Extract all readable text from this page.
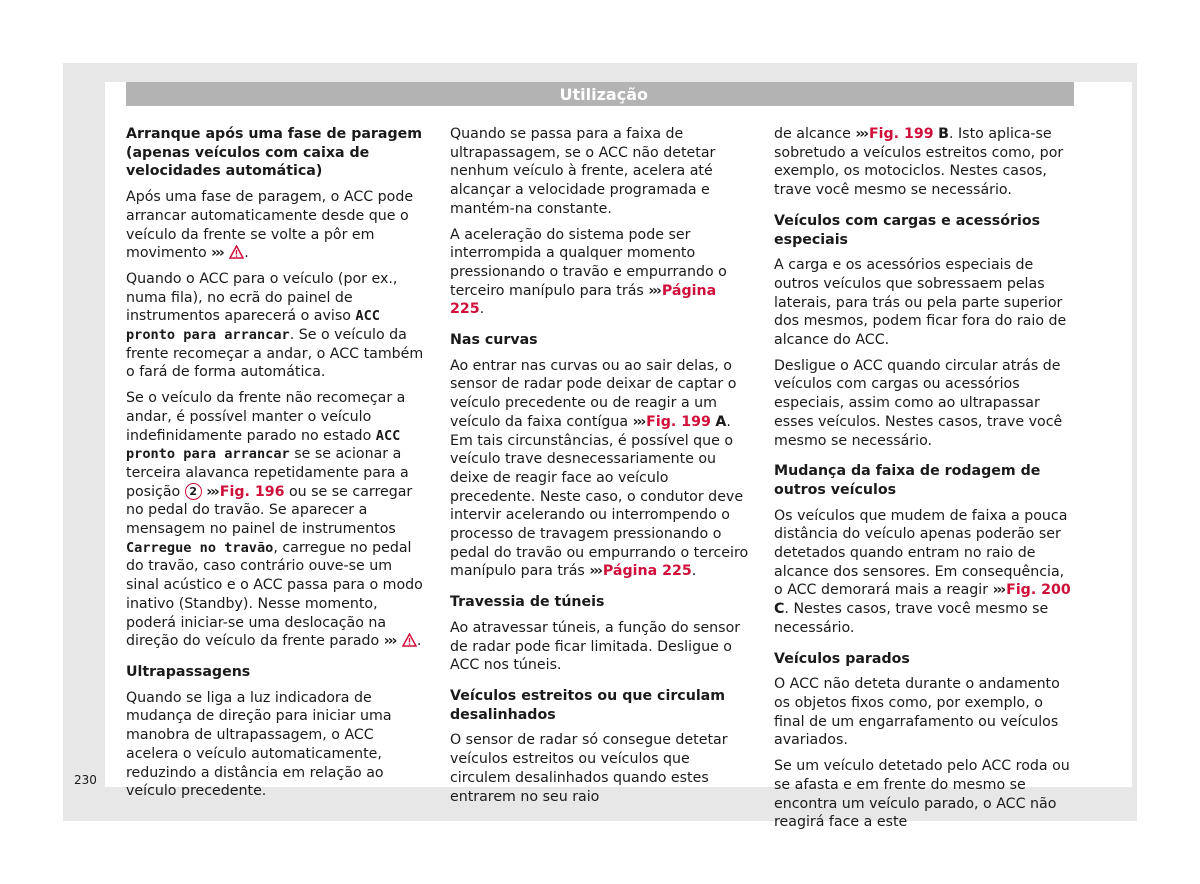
Utilização
Arranque após uma fase de paragem (apenas veículos com caixa de velocidades automática)

Após uma fase de paragem, o ACC pode arrancar automaticamente desde que o veículo da frente se volte a pôr em movimento ››› .

Quando o ACC para o veículo (por ex., numa fila), no ecrã do painel de instrumentos aparecerá o aviso ACC pronto para arrancar. Se o veículo da frente recomeçar a andar, o ACC também o fará de forma automática.

Se o veículo da frente não recomeçar a andar, é possível manter o veículo indefinidamente parado no estado ACC pronto para arrancar se se acionar a terceira alavanca repetidamente para a posição 2 ››› Fig. 196 ou se se carregar no pedal do travão. Se aparecer a mensagem no painel de instrumentos Carregue no travão, carregue no pedal do travão, caso contrário ouve-se um sinal acústico e o ACC passa para o modo inativo (Standby). Nesse momento, poderá iniciar-se uma deslocação na direção do veículo da frente parado ››› .

Ultrapassagens

Quando se liga a luz indicadora de mudança de direção para iniciar uma manobra de ultrapassagem, o ACC acelera o veículo automaticamente, reduzindo a distância em relação ao veículo precedente.

Quando se passa para a faixa de ultrapassagem, se o ACC não detetar nenhum veículo à frente, acelera até alcançar a velocidade programada e mantém-na constante.

A aceleração do sistema pode ser interrompida a qualquer momento pressionando o travão e empurrando o terceiro manípulo para trás ››› Página 225.

Nas curvas

Ao entrar nas curvas ou ao sair delas, o sensor de radar pode deixar de captar o veículo precedente ou de reagir a um veículo da faixa contígua ››› Fig. 199 A. Em tais circunstâncias, é possível que o veículo trave desnecessariamente ou deixe de reagir face ao veículo precedente. Neste caso, o condutor deve intervir acelerando ou interrompendo o processo de travagem pressionando o pedal do travão ou empurrando o terceiro manípulo para trás ››› Página 225.

Travessia de túneis

Ao atravessar túneis, a função do sensor de radar pode ficar limitada. Desligue o ACC nos túneis.

Veículos estreitos ou que circulam desalinhados

O sensor de radar só consegue detetar veículos estreitos ou veículos que circulem desalinhados quando estes entrarem no seu raio

de alcance ››› Fig. 199 B. Isto aplica-se sobretudo a veículos estreitos como, por exemplo, os motociclos. Nestes casos, trave você mesmo se necessário.

Veículos com cargas e acessórios especiais

A carga e os acessórios especiais de outros veículos que sobressaem pelas laterais, para trás ou pela parte superior dos mesmos, podem ficar fora do raio de alcance do ACC.

Desligue o ACC quando circular atrás de veículos com cargas ou acessórios especiais, assim como ao ultrapassar esses veículos. Nestes casos, trave você mesmo se necessário.

Mudança da faixa de rodagem de outros veículos

Os veículos que mudem de faixa a pouca distância do veículo apenas poderão ser detetados quando entram no raio de alcance dos sensores. Em consequência, o ACC demorará mais a reagir ››› Fig. 200 C. Nestes casos, trave você mesmo se necessário.

Veículos parados

O ACC não deteta durante o andamento os objetos fixos como, por exemplo, o final de um engarrafamento ou veículos avariados.

Se um veículo detetado pelo ACC roda ou se afasta e em frente do mesmo se encontra um veículo parado, o ACC não reagirá face a este

230
